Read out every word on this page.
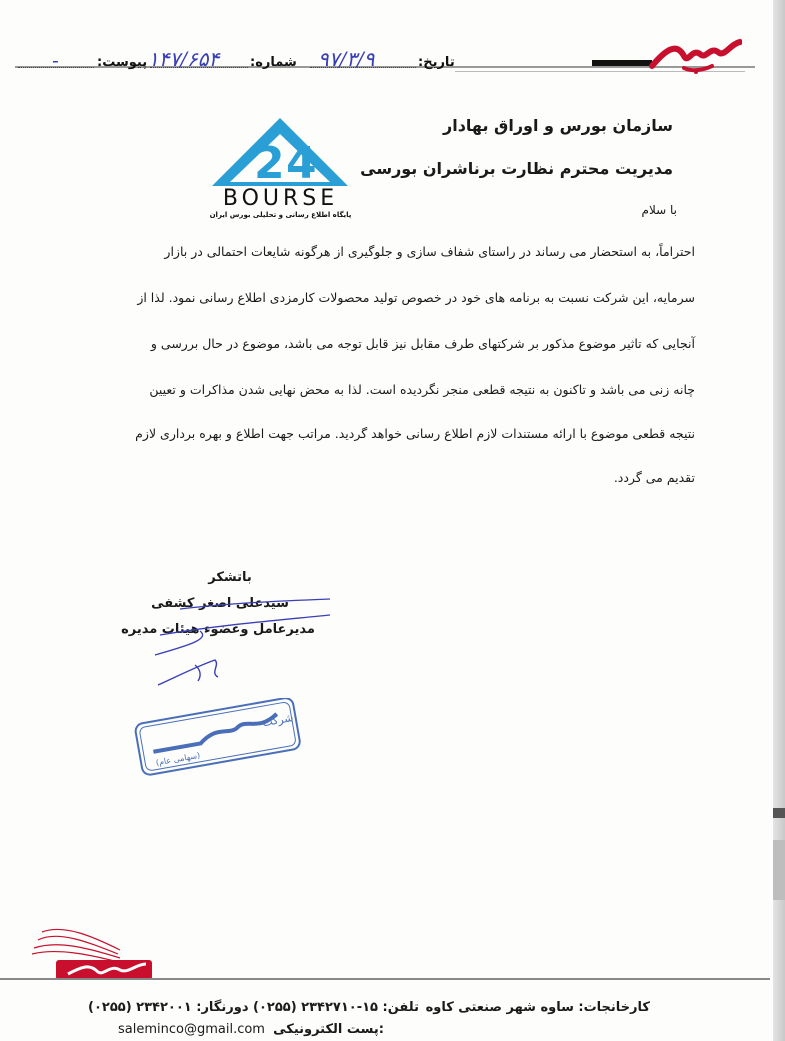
تاریخ:
۹۷/۳/۹
شماره:
۱۴۷/۶۵۴
پیوست:
-
2 4
BOURSE
پایگاه اطلاع رسانی و تحلیلی بورس ایران
سازمان بورس و اوراق بهادار
مدیریت محترم نظارت برناشران بورسی
با سلام
احتراماً، به استحضار می رساند در راستای شفاف سازی و جلوگیری از هرگونه شایعات احتمالی در بازار
سرمایه، این شرکت نسبت به برنامه های خود در خصوص تولید محصولات کارمزدی اطلاع رسانی نمود. لذا از
آنجایی که تاثیر موضوع مذکور بر شرکتهای طرف مقابل نیز قابل توجه می باشد، موضوع در حال بررسی و
چانه زنی می باشد و تاکنون به نتیجه قطعی منجر نگردیده است. لذا به محض نهایی شدن مذاکرات و تعیین
نتیجه قطعی موضوع با ارائه مستندات لازم اطلاع رسانی خواهد گردید. مراتب جهت اطلاع و بهره برداری لازم
تقدیم می گردد.
باتشکر
سیدعلی اصغر کشفی
مدیرعامل وعضوء هیئات مدیره
شرکت
(سهامی عام)
کارخانجات: ساوه شهر صنعتی کاوه
تلفن: ۱۵-۲۳۴۲۷۱۰ (۰۲۵۵) دورنگار: ۲۳۴۲۰۰۱ (۰۲۵۵)
saleminco@gmail.com پست الکترونیکی:
